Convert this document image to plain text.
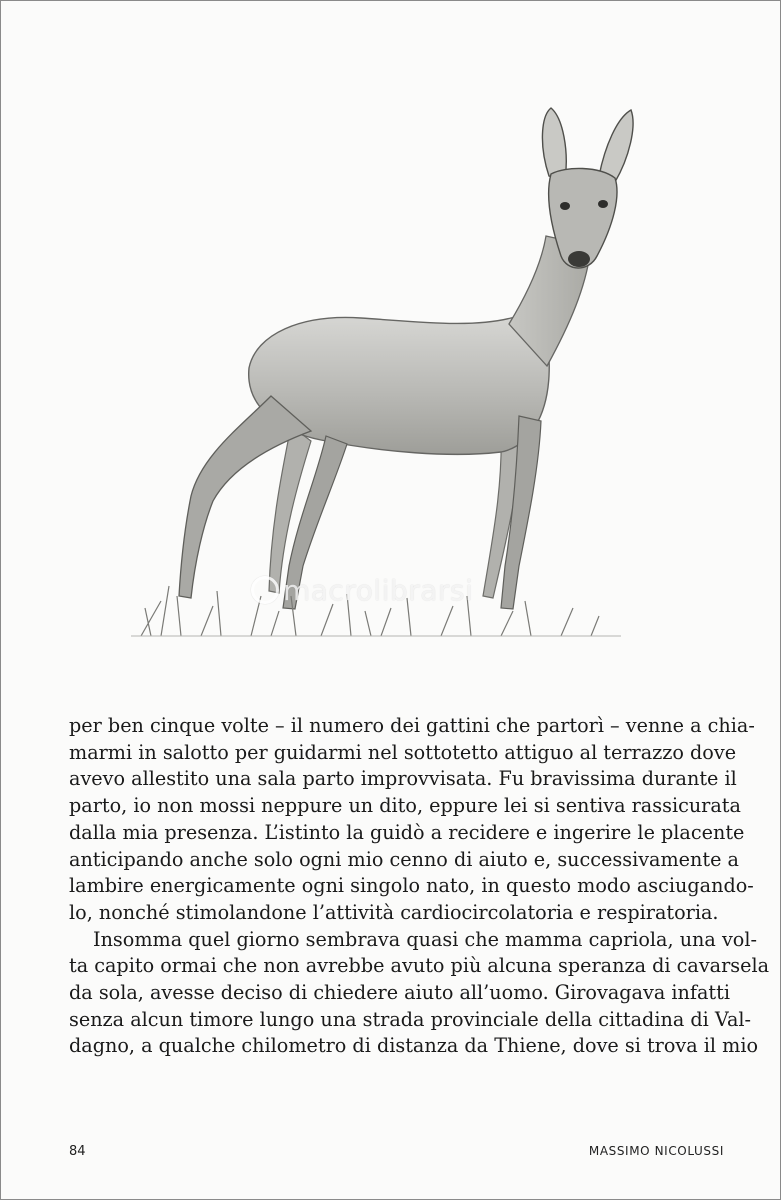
macrolibrarsi

per ben cinque volte – il numero dei gattini che partorì – venne a chia-
marmi in salotto per guidarmi nel sottotetto attiguo al terrazzo dove
avevo allestito una sala parto improvvisata. Fu bravissima durante il
parto, io non mossi neppure un dito, eppure lei si sentiva rassicurata
dalla mia presenza. L’istinto la guidò a recidere e ingerire le placente
anticipando anche solo ogni mio cenno di aiuto e, successivamente a
lambire energicamente ogni singolo nato, in questo modo asciugando-
lo, nonché stimolandone l’attività cardiocircolatoria e respiratoria.

Insomma quel giorno sembrava quasi che mamma capriola, una vol-
ta capito ormai che non avrebbe avuto più alcuna speranza di cavarsela
da sola, avesse deciso di chiedere aiuto all’uomo. Girovagava infatti
senza alcun timore lungo una strada provinciale della cittadina di Val-
dagno, a qualche chilometro di distanza da Thiene, dove si trova il mio

84	MASSIMO NICOLUSSI
